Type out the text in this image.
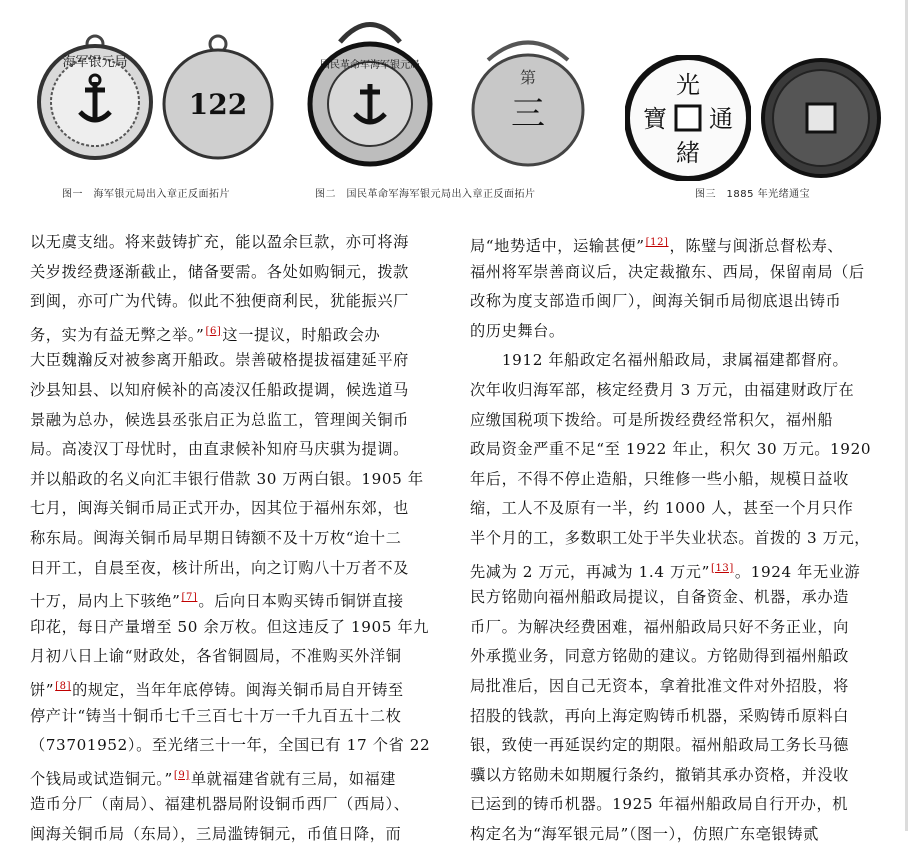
海军银元局
122
图一　海军银元局出入章正反面拓片
国民革命军海军银元局
第
三
图二　国民革命军海军银元局出入章正反面拓片
光
緒
通
寶
图三　1885 年光绪通宝
以无虞支绌。将来鼓铸扩充，能以盈余巨款，亦可将海
关岁拨经费逐渐截止，储备要需。各处如购铜元，拨款
到闽，亦可广为代铸。似此不独便商利民，犹能振兴厂
务，实为有益无弊之举。”[6]这一提议，时船政会办
大臣魏瀚反对被参离开船政。崇善破格提拔福建延平府
沙县知县、以知府候补的高凌汉任船政提调，候选道马
景融为总办，候选县丞张启正为总监工，管理闽关铜币
局。高凌汉丁母忧时，由直隶候补知府马庆骐为提调。
并以船政的名义向汇丰银行借款 30 万两白银。1905 年
七月，闽海关铜币局正式开办，因其位于福州东郊，也
称东局。闽海关铜币局早期日铸额不及十万枚“迨十二
日开工，自晨至夜，核计所出，向之订购八十万者不及
十万，局内上下骇绝”[7]。后向日本购买铸币铜饼直接
印花，每日产量增至 50 余万枚。但这违反了 1905 年九
月初八日上谕“财政处，各省铜圆局，不准购买外洋铜
饼”[8]的规定，当年年底停铸。闽海关铜币局自开铸至
停产计“铸当十铜币七千三百七十万一千九百五十二枚
（73701952）。至光绪三十一年，全国已有 17 个省 22
个钱局或试造铜元。”[9]单就福建省就有三局，如福建
造币分厂（南局）、福建机器局附设铜币西厂（西局）、
闽海关铜币局（东局），三局滥铸铜元，币值日降，而
局“地势适中，运输甚便”[12]，陈璧与闽浙总督松寿、
福州将军崇善商议后，决定裁撤东、西局，保留南局（后
改称为度支部造币闽厂），闽海关铜币局彻底退出铸币
的历史舞台。
1912 年船政定名福州船政局，隶属福建都督府。
次年收归海军部，核定经费月 3 万元，由福建财政厅在
应缴国税项下拨给。可是所拨经费经常积欠，福州船
政局资金严重不足“至 1922 年止，积欠 30 万元。1920
年后，不得不停止造船，只维修一些小船，规模日益收
缩，工人不及原有一半，约 1000 人，甚至一个月只作
半个月的工，多数职工处于半失业状态。首拨的 3 万元，
先减为 2 万元，再减为 1.4 万元”[13]。1924 年无业游
民方铭勋向福州船政局提议，自备资金、机器，承办造
币厂。为解决经费困难，福州船政局只好不务正业，向
外承揽业务，同意方铭勋的建议。方铭勋得到福州船政
局批准后，因自己无资本，拿着批准文件对外招股，将
招股的钱款，再向上海定购铸币机器，采购铸币原料白
银，致使一再延误约定的期限。福州船政局工务长马德
骥以方铭勋未如期履行条约，撤销其承办资格，并没收
已运到的铸币机器。1925 年福州船政局自行开办，机
构定名为“海军银元局”（图一），仿照广东亳银铸贰
